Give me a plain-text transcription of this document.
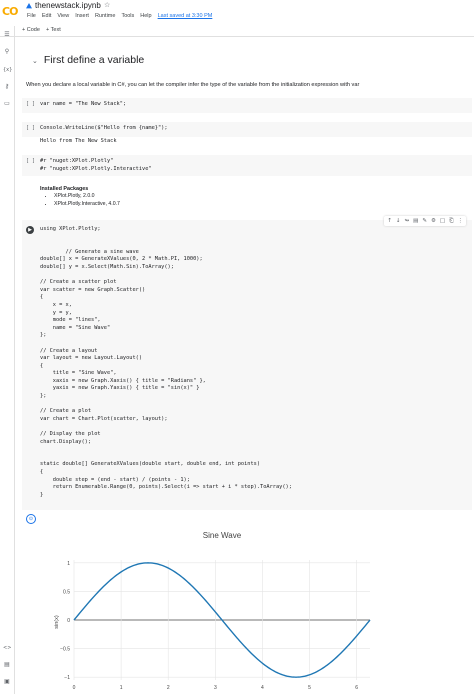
CO thenewstack.ipynb ☆
File Edit View Insert Runtime Tools Help Last saved at 3:30 PM
+ Code + Text
☰
⚲
{x}
⚷
▭
<>
▤
▣
⌄ First define a variable
When you declare a local variable in C#, you can let the compiler infer the type of the variable from the initialization expression with var
[ ] var name = "The New Stack";
[ ] Console.WriteLine($"Hello from {name}");
Hello from The New Stack
[ ] #r "nuget:XPlot.Plotly"
#r "nuget:XPlot.Plotly.Interactive"
Installed Packages
• XPlot.Plotly, 2.0.0
• XPlot.Plotly.Interactive, 4.0.7
▶
↑ ↓ ↬ ▤ ✎ ⚙ □ ⎗ ⋮
using XPlot.Plotly;

// Generate a sine wave
double[] x = GenerateXValues(0, 2 * Math.PI, 1000);
double[] y = x.Select(Math.Sin).ToArray();

// Create a scatter plot
var scatter = new Graph.Scatter()
{
x = x,
y = y,
mode = "lines",
name = "Sine Wave"
};

// Create a layout
var layout = new Layout.Layout()
{
title = "Sine Wave",
xaxis = new Graph.Xaxis() { title = "Radians" },
yaxis = new Graph.Yaxis() { title = "sin(x)" }
};

// Create a plot
var chart = Chart.Plot(scatter, layout);

// Display the plot
chart.Display();

static double[] GenerateXValues(double start, double end, int points)
{
double step = (end - start) / (points - 1);
return Enumerable.Range(0, points).Select(i => start + i * step).ToArray();
}
⊙
Sine Wave
sin(x)
1
0.5
0
−0.5
−1
0	1	2	3	4	5	6
